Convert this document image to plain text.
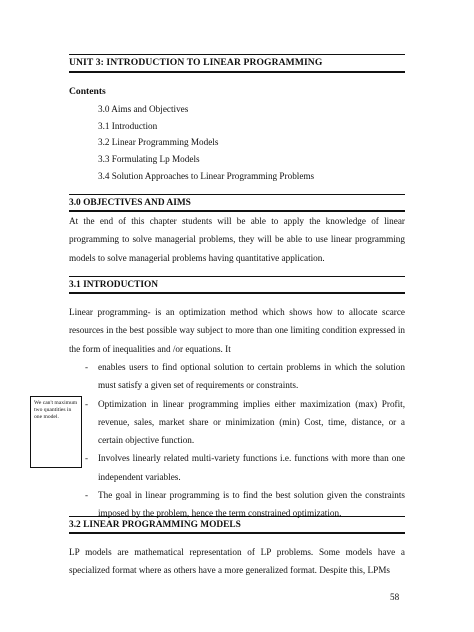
UNIT 3: INTRODUCTION TO LINEAR PROGRAMMING
Contents
3.0 Aims and Objectives
3.1 Introduction
3.2 Linear Programming Models
3.3 Formulating Lp Models
3.4 Solution Approaches to Linear Programming Problems
3.0 OBJECTIVES AND AIMS
At the end of this chapter students will be able to apply the knowledge of linear programming to solve managerial problems, they will be able to use linear programming models to solve managerial problems having quantitative application.
3.1 INTRODUCTION
Linear programming- is an optimization method which shows how to allocate scarce resources in the best possible way subject to more than one limiting condition expressed in the form of inequalities and /or equations. It
- enables users to find optional solution to certain problems in which the solution must satisfy a given set of requirements or constraints.
- Optimization in linear programming implies either maximization (max) Profit, revenue, sales, market share or minimization (min) Cost, time, distance, or a certain objective function.
- Involves linearly related multi-variety functions i.e. functions with more than one independent variables.
- The goal in linear programming is to find the best solution given the constraints imposed by the problem, hence the term constrained optimization.
We can't maximum two quantities in one model.
3.2 LINEAR PROGRAMMING MODELS
LP models are mathematical representation of LP problems. Some models have a specialized format where as others have a more generalized format. Despite this, LPMs
58
